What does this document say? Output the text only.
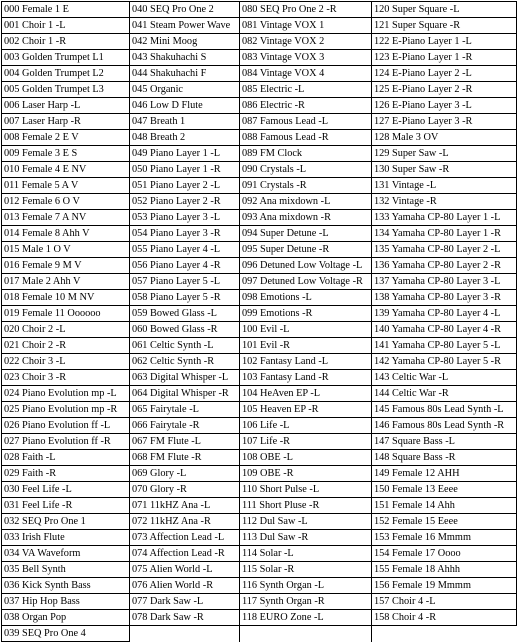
000 Female 1 E	040 SEQ Pro One 2	080 SEQ Pro One 2 -R	120 Super Square -L
001 Choir 1 -L	041 Steam Power Wave	081 Vintage VOX 1	121 Super Square -R
002 Choir 1 -R	042 Mini Moog	082 Vintage VOX 2	122 E-Piano Layer 1 -L
003 Golden Trumpet L1	043 Shakuhachi S	083 Vintage VOX 3	123 E-Piano Layer 1 -R
004 Golden Trumpet L2	044 Shakuhachi F	084 Vintage VOX 4	124 E-Piano Layer 2 -L
005 Golden Trumpet L3	045 Organic	085 Electric -L	125 E-Piano Layer 2 -R
006 Laser Harp -L	046 Low D Flute	086 Electric -R	126 E-Piano Layer 3 -L
007 Laser Harp -R	047 Breath 1	087 Famous Lead -L	127 E-Piano Layer 3 -R
008 Female 2 E V	048 Breath 2	088 Famous Lead -R	128 Male 3 OV
009 Female 3 E S	049 Piano Layer 1 -L	089 FM Clock	129 Super Saw -L
010 Female 4 E NV	050 Piano Layer 1 -R	090 Crystals -L	130 Super Saw -R
011 Female 5 A V	051 Piano Layer 2 -L	091 Crystals -R	131 Vintage -L
012 Female 6 O V	052 Piano Layer 2 -R	092 Ana mixdown -L	132 Vintage -R
013 Female 7 A NV	053 Piano Layer 3 -L	093 Ana mixdown -R	133 Yamaha CP-80 Layer 1 -L
014 Female 8 Ahh V	054 Piano Layer 3 -R	094 Super Detune -L	134 Yamaha CP-80 Layer 1 -R
015 Male 1 O V	055 Piano Layer 4 -L	095 Super Detune -R	135 Yamaha CP-80 Layer 2 -L
016 Female 9 M V	056 Piano Layer 4 -R	096 Detuned Low Voltage -L	136 Yamaha CP-80 Layer 2 -R
017 Male 2 Ahh V	057 Piano Layer 5 -L	097 Detuned Low Voltage -R	137 Yamaha CP-80 Layer 3 -L
018 Female 10 M NV	058 Piano Layer 5 -R	098 Emotions -L	138 Yamaha CP-80 Layer 3 -R
019 Female 11 Oooooo	059 Bowed Glass -L	099 Emotions -R	139 Yamaha CP-80 Layer 4 -L
020 Choir 2 -L	060 Bowed Glass -R	100 Evil -L	140 Yamaha CP-80 Layer 4 -R
021 Choir 2 -R	061 Celtic Synth -L	101 Evil -R	141 Yamaha CP-80 Layer 5 -L
022 Choir 3 -L	062 Celtic Synth -R	102 Fantasy Land -L	142 Yamaha CP-80 Layer 5 -R
023 Choir 3 -R	063 Digital Whisper -L	103 Fantasy Land -R	143 Celtic War -L
024 Piano Evolution mp -L	064 Digital Whisper -R	104 HeAven EP -L	144 Celtic War -R
025 Piano Evolution mp -R	065 Fairytale -L	105 Heaven EP -R	145 Famous 80s Lead Synth -L
026 Piano Evolution ff -L	066 Fairytale -R	106 Life -L	146 Famous 80s Lead Synth -R
027 Piano Evolution ff -R	067 FM Flute -L	107 Life -R	147 Square Bass -L
028 Faith -L	068 FM Flute -R	108 OBE -L	148 Square Bass -R
029 Faith -R	069 Glory -L	109 OBE -R	149 Female 12 AHH
030 Feel Life -L	070 Glory -R	110 Short Pulse -L	150 Female 13 Eeee
031 Feel Life -R	071 11kHZ Ana -L	111 Short Pluse -R	151 Female 14 Ahh
032 SEQ Pro One 1	072 11kHZ Ana -R	112 Dul Saw -L	152 Female 15 Eeee
033 Irish Flute	073 Affection Lead -L	113 Dul Saw -R	153 Female 16 Mmmm
034 VA Waveform	074 Affection Lead -R	114 Solar -L	154 Female 17 Oooo
035 Bell Synth	075 Alien World -L	115 Solar -R	155 Female 18 Ahhh
036 Kick Synth Bass	076 Alien World -R	116 Synth Organ -L	156 Female 19 Mmmm
037 Hip Hop Bass	077 Dark Saw -L	117 Synth Organ -R	157 Choir 4 -L
038 Organ Pop	078 Dark Saw -R	118 EURO Zone -L	158 Choir 4 -R
039 SEQ Pro One 4			
